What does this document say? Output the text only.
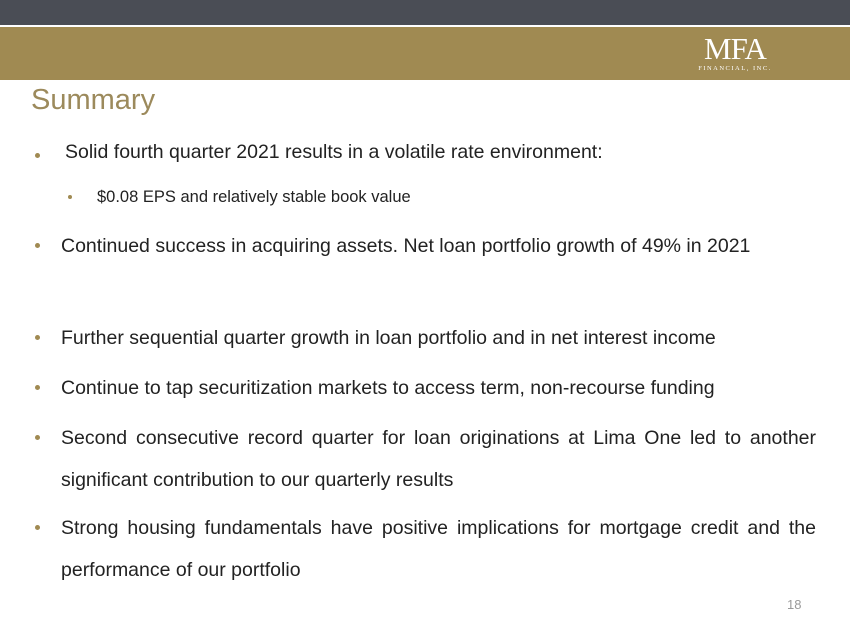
MFA
FINANCIAL, INC.
Summary

Solid fourth quarter 2021 results in a volatile rate environment:

$0.08 EPS and relatively stable book value

Continued success in acquiring assets. Net loan portfolio growth of 49% in 2021

Further sequential quarter growth in loan portfolio and in net interest income

Continue to tap securitization markets to access term, non-recourse funding

Second consecutive record quarter for loan originations at Lima One led to another significant contribution to our quarterly results

Strong housing fundamentals have positive implications for mortgage credit and the performance of our portfolio

18
